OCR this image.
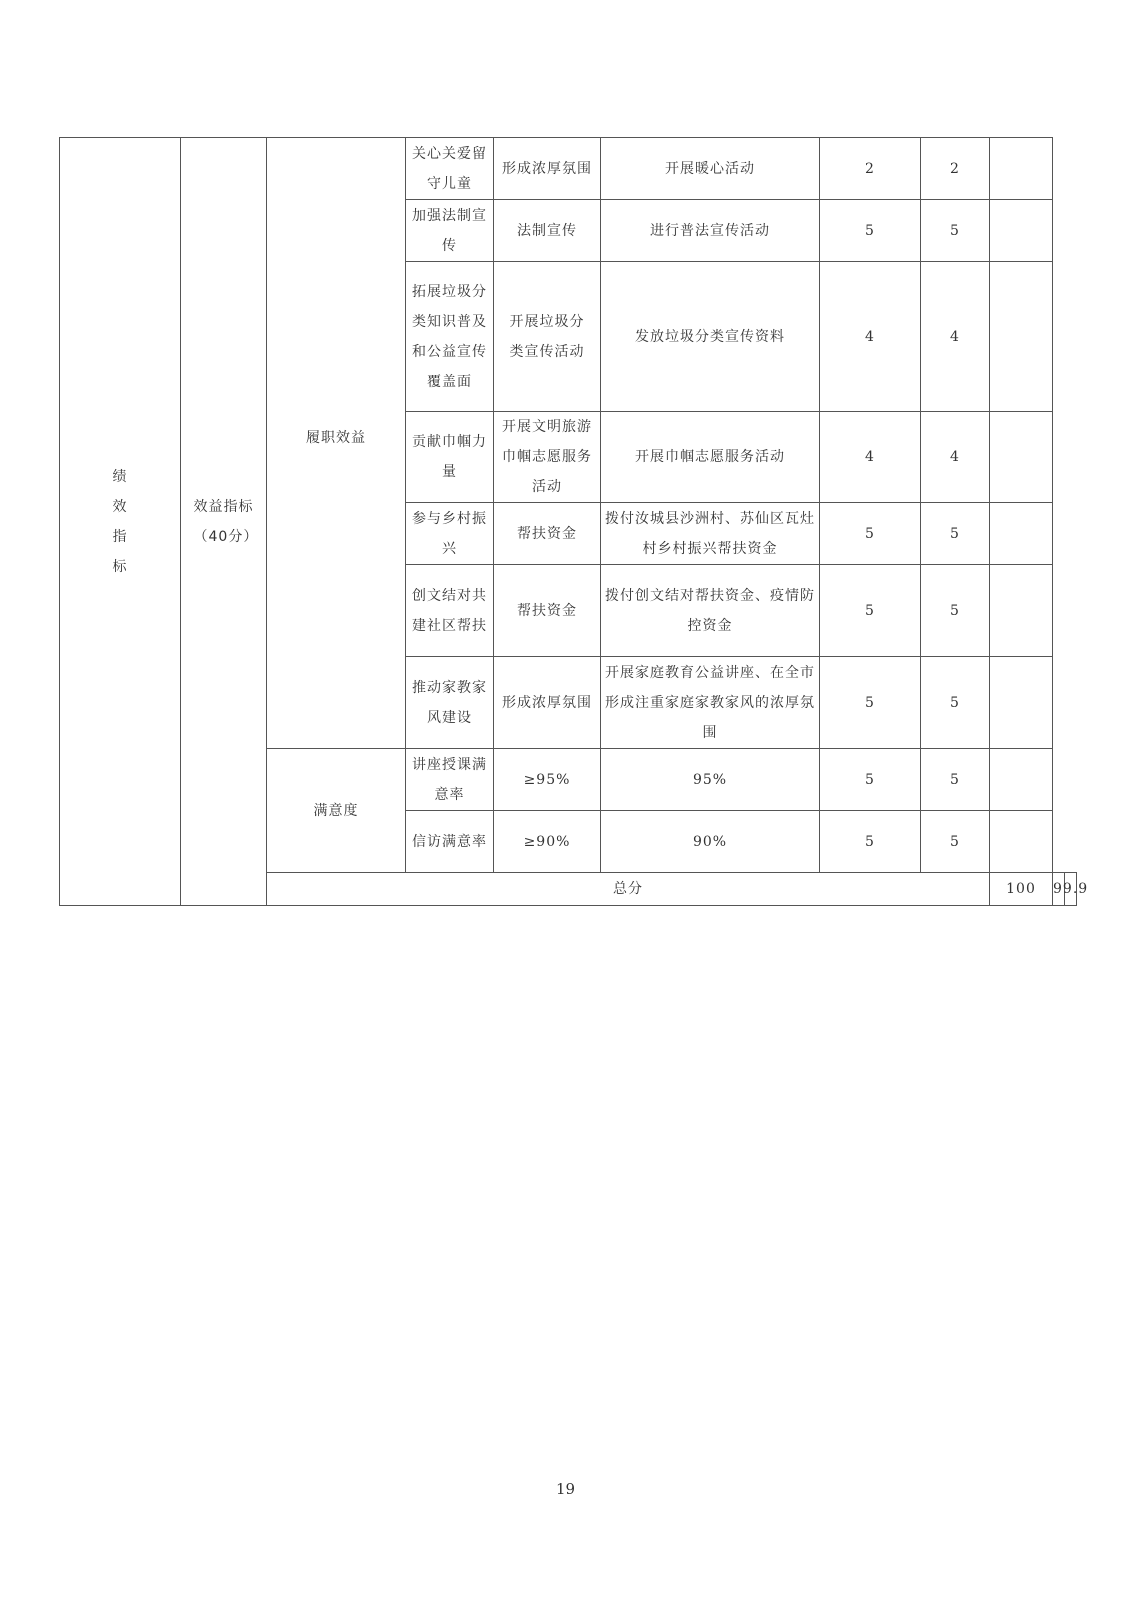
绩效指标	效益指标（40分）	履职效益	关心关爱留守儿童	形成浓厚氛围	开展暖心活动	2	2			
			加强法制宣传	法制宣传	进行普法宣传活动	5	5			
			拓展垃圾分类知识普及和公益宣传覆盖面	开展垃圾分类宣传活动	发放垃圾分类宣传资料	4	4			
			贡献巾帼力量	开展文明旅游巾帼志愿服务活动	开展巾帼志愿服务活动	4	4			
			参与乡村振兴	帮扶资金	拨付汝城县沙洲村、苏仙区瓦灶村乡村振兴帮扶资金	5	5			
			创文结对共建社区帮扶	帮扶资金	拨付创文结对帮扶资金、疫情防控资金	5	5			
			推动家教家风建设	形成浓厚氛围	开展家庭教育公益讲座、在全市形成注重家庭家教家风的浓厚氛围	5	5			

		满意度	讲座授课满意率	≥95%	95%	5	5			
			信访满意率	≥90%	90%	5	5			
		总分						100	99.9	
19
